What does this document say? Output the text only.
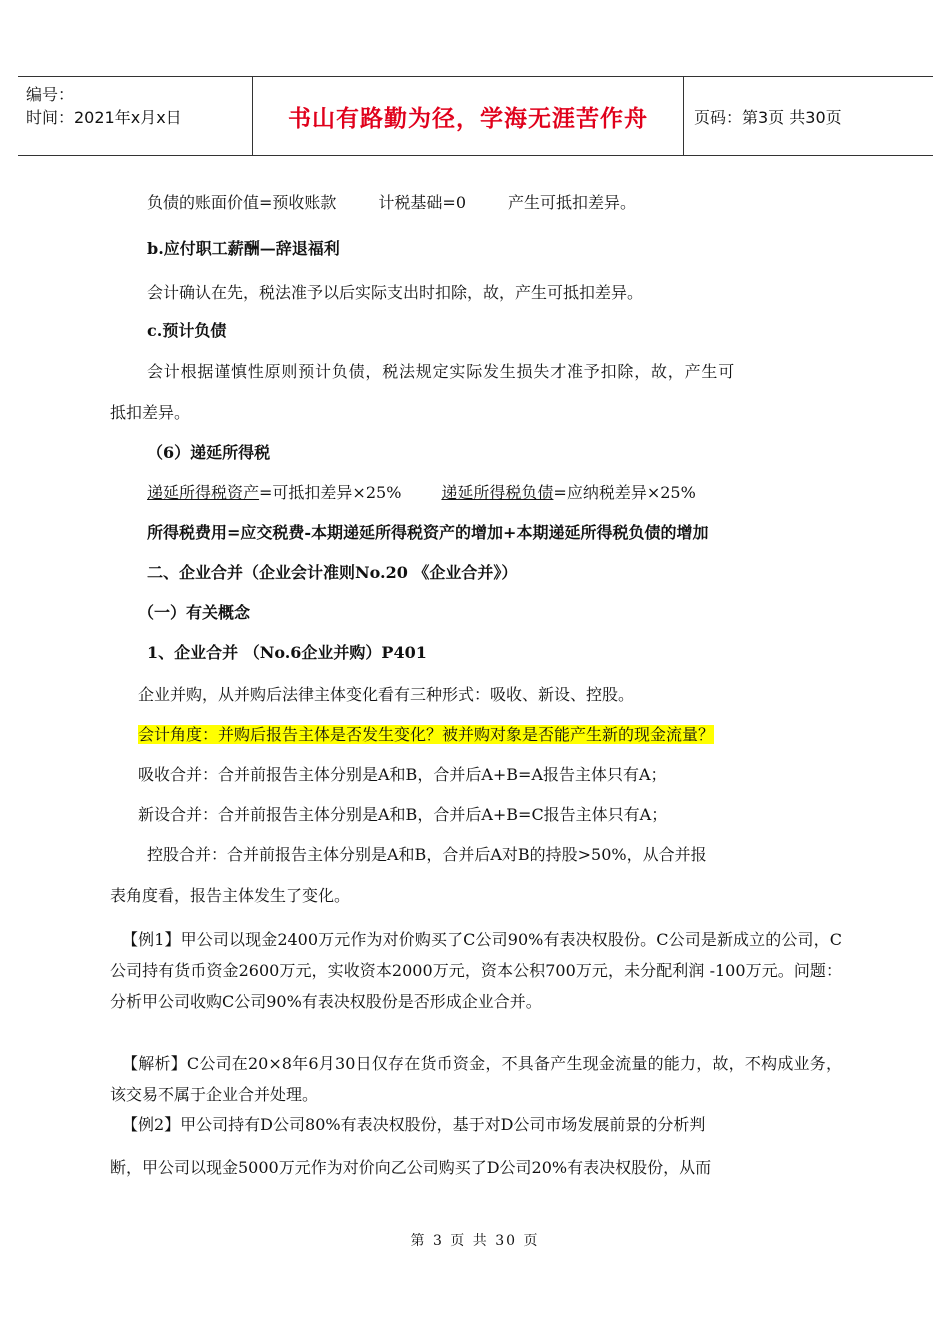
编号：
时间：2021年x月x日	书山有路勤为径，学海无涯苦作舟	页码：第3页 共30页

负债的账面价值=预收账款	计税基础=0	产生可抵扣差异。

b.应付职工薪酬—辞退福利

会计确认在先，税法准予以后实际支出时扣除，故，产生可抵扣差异。

c.预计负债

会计根据谨慎性原则预计负债，税法规定实际发生损失才准予扣除，故，产生可

抵扣差异。

（6）递延所得税

递延所得税资产=可抵扣差异×25%	递延所得税负债=应纳税差异×25%

所得税费用=应交税费-本期递延所得税资产的增加+本期递延所得税负债的增加

二、企业合并（企业会计准则No.20 《企业合并》）

（一）有关概念

1、企业合并 （No.6企业并购）P401

企业并购，从并购后法律主体变化看有三种形式：吸收、新设、控股。

会计角度：并购后报告主体是否发生变化？被并购对象是否能产生新的现金流量？

吸收合并：合并前报告主体分别是A和B，合并后A+B=A报告主体只有A；

新设合并：合并前报告主体分别是A和B，合并后A+B=C报告主体只有A；

控股合并：合并前报告主体分别是A和B，合并后A对B的持股>50%，从合并报

表角度看，报告主体发生了变化。

【例1】甲公司以现金2400万元作为对价购买了C公司90%有表决权股份。C公司是新成立的公司，C公司持有货币资金2600万元，实收资本2000万元，资本公积700万元，未分配利润 -100万元。问题：分析甲公司收购C公司90%有表决权股份是否形成企业合并。

【解析】C公司在20×8年6月30日仅存在货币资金，不具备产生现金流量的能力，故，不构成业务，该交易不属于企业合并处理。

【例2】甲公司持有D公司80%有表决权股份，基于对D公司市场发展前景的分析判

断，甲公司以现金5000万元作为对价向乙公司购买了D公司20%有表决权股份，从而

第 3 页 共 30 页
